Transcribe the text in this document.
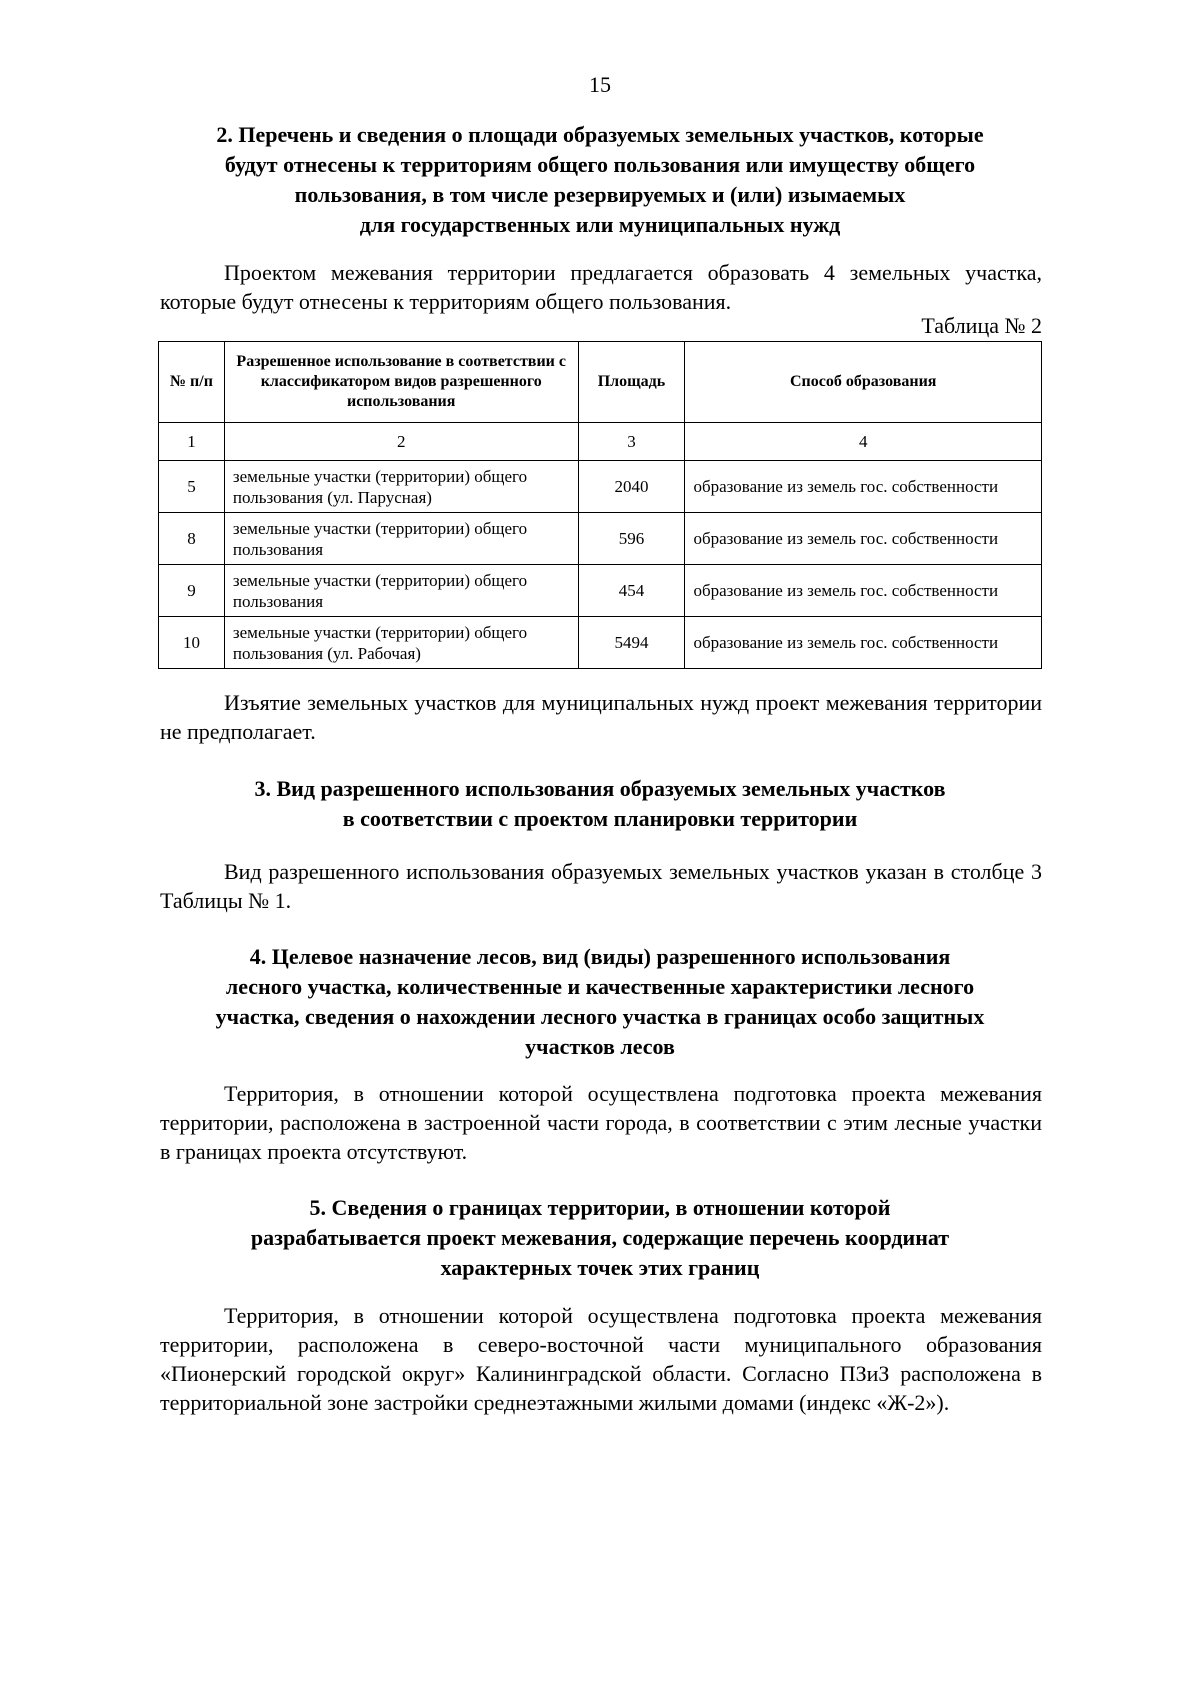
15
2. Перечень и сведения о площади образуемых земельных участков, которые
будут отнесены к территориям общего пользования или имуществу общего
пользования, в том числе резервируемых и (или) изымаемых
для государственных или муниципальных нужд
Проектом межевания территории предлагается образовать 4 земельных участка, которые будут отнесены к территориям общего пользования.
Таблица № 2
№ п/п	Разрешенное использование в соответствии с классификатором видов разрешенного использования	Площадь	Способ образования
1	2	3	4
5	земельные участки (территории) общего пользования (ул. Парусная)	2040	образование из земель гос. собственности
8	земельные участки (территории) общего пользования	596	образование из земель гос. собственности
9	земельные участки (территории) общего пользования	454	образование из земель гос. собственности
10	земельные участки (территории) общего пользования (ул. Рабочая)	5494	образование из земель гос. собственности
Изъятие земельных участков для муниципальных нужд проект межевания территории не предполагает.
3. Вид разрешенного использования образуемых земельных участков
в соответствии с проектом планировки территории
Вид разрешенного использования образуемых земельных участков указан в столбце 3 Таблицы № 1.
4. Целевое назначение лесов, вид (виды) разрешенного использования
лесного участка, количественные и качественные характеристики лесного
участка, сведения о нахождении лесного участка в границах особо защитных
участков лесов
Территория, в отношении которой осуществлена подготовка проекта межевания территории, расположена в застроенной части города, в соответствии с этим лесные участки в границах проекта отсутствуют.
5. Сведения о границах территории, в отношении которой
разрабатывается проект межевания, содержащие перечень координат
характерных точек этих границ
Территория, в отношении которой осуществлена подготовка проекта межевания территории, расположена в северо-восточной части муниципального образования «Пионерский городской округ» Калининградской области. Согласно ПЗиЗ расположена в территориальной зоне застройки среднеэтажными жилыми домами (индекс «Ж-2»).
